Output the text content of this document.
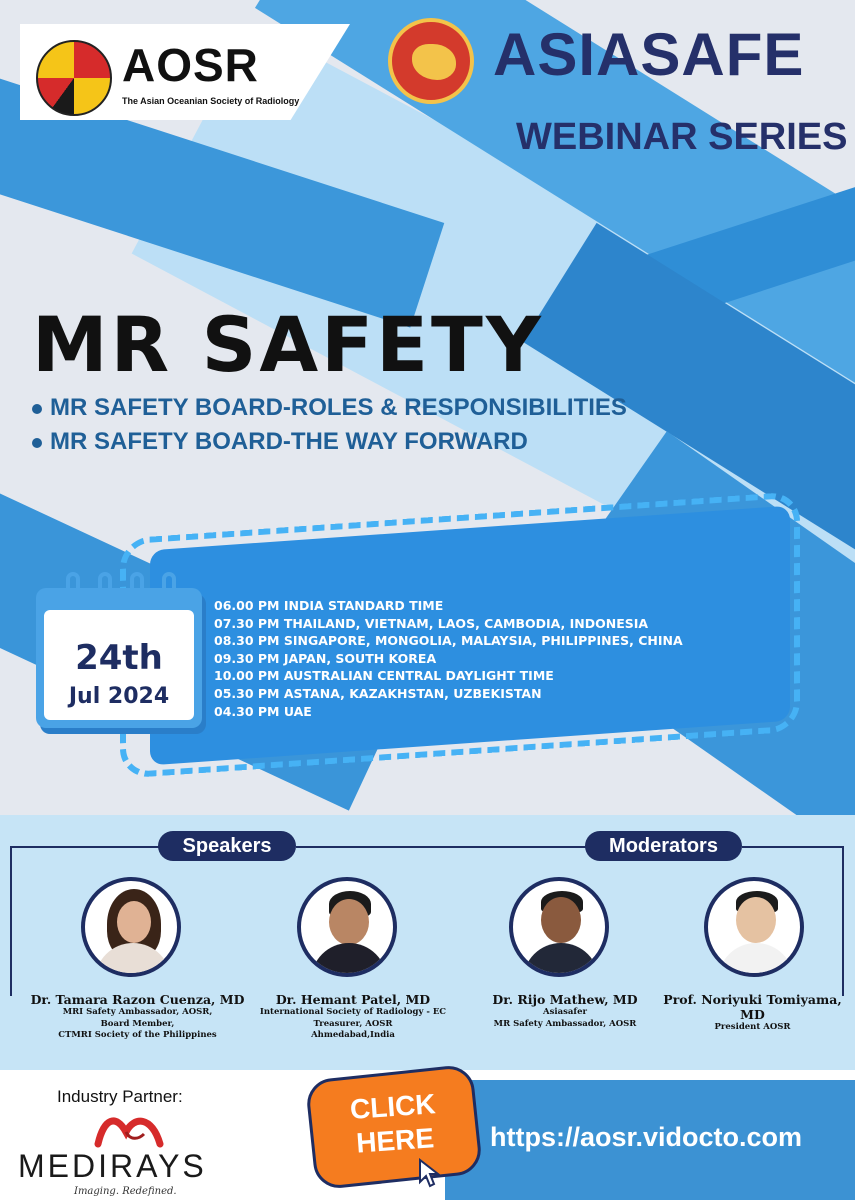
AOSR
The Asian Oceanian Society of Radiology
ASIASAFE
WEBINAR SERIES
MR SAFETY
MR SAFETY BOARD-ROLES & RESPONSIBILITIES
MR SAFETY BOARD-THE WAY FORWARD
06.00 PM INDIA STANDARD TIME
07.30 PM THAILAND, VIETNAM, LAOS, CAMBODIA, INDONESIA
08.30 PM SINGAPORE, MONGOLIA, MALAYSIA, PHILIPPINES, CHINA
09.30 PM JAPAN, SOUTH KOREA
10.00 PM AUSTRALIAN CENTRAL DAYLIGHT TIME
05.30 PM ASTANA, KAZAKHSTAN, UZBEKISTAN
04.30 PM UAE
24th
Jul 2024
Speakers	Moderators
Dr. Tamara Razon Cuenza, MD
MRI Safety Ambassador, AOSR,
Board Member,
CTMRI Society of the Philippines
Dr. Hemant Patel, MD
International Society of Radiology - EC
Treasurer, AOSR
Ahmedabad,India
Dr. Rijo Mathew, MD
Asiasafer
MR Safety Ambassador, AOSR
Prof. Noriyuki Tomiyama,
MD
President AOSR
Industry Partner:
MEDIRAYS
Imaging. Redefined.
CLICK
HERE	https://aosr.vidocto.com
